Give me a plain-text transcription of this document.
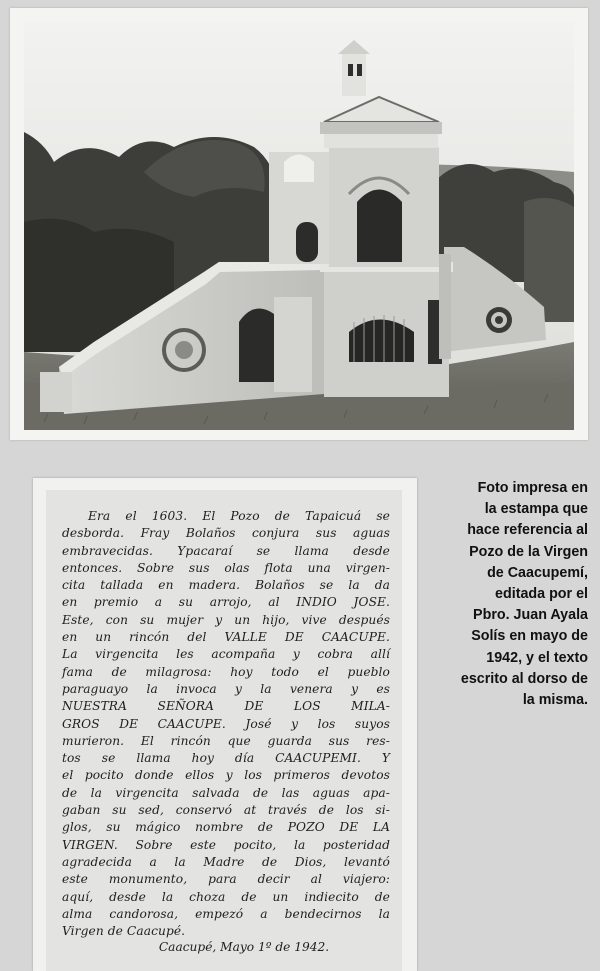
Era el 1603. El Pozo de Tapaicuá se
desborda. Fray Bolaños conjura sus aguas
embravecidas. Ypacaraí se llama desde
entonces. Sobre sus olas flota una virgen-
cita tallada en madera. Bolaños se la da
en premio a su arrojo, al INDIO JOSE.
Este, con su mujer y un hijo, vive después
en un rincón del VALLE DE CAACUPE.
La virgencita les acompaña y cobra allí
fama de milagrosa: hoy todo el pueblo
paraguayo la invoca y la venera y es
NUESTRA SEÑORA DE LOS MILA-
GROS DE CAACUPE. José y los suyos
murieron. El rincón que guarda sus res-
tos se llama hoy día CAACUPEMI. Y
el pocito donde ellos y los primeros devotos
de la virgencita salvada de las aguas apa-
gaban su sed, conservó at través de los si-
glos, su mágico nombre de POZO DE LA
VIRGEN. Sobre este pocito, la posteridad
agradecida a la Madre de Dios, levantó
este monumento, para decir al viajero:
aquí, desde la choza de un indiecito de
alma candorosa, empezó a bendecirnos la
Virgen de Caacupé.

Caacupé, Mayo 1º de 1942.

Foto impresa en
la estampa que
hace referencia al
Pozo de la Virgen
de Caacupemí,
editada por el
Pbro. Juan Ayala
Solís en mayo de
1942, y el texto
escrito al dorso de
la misma.
